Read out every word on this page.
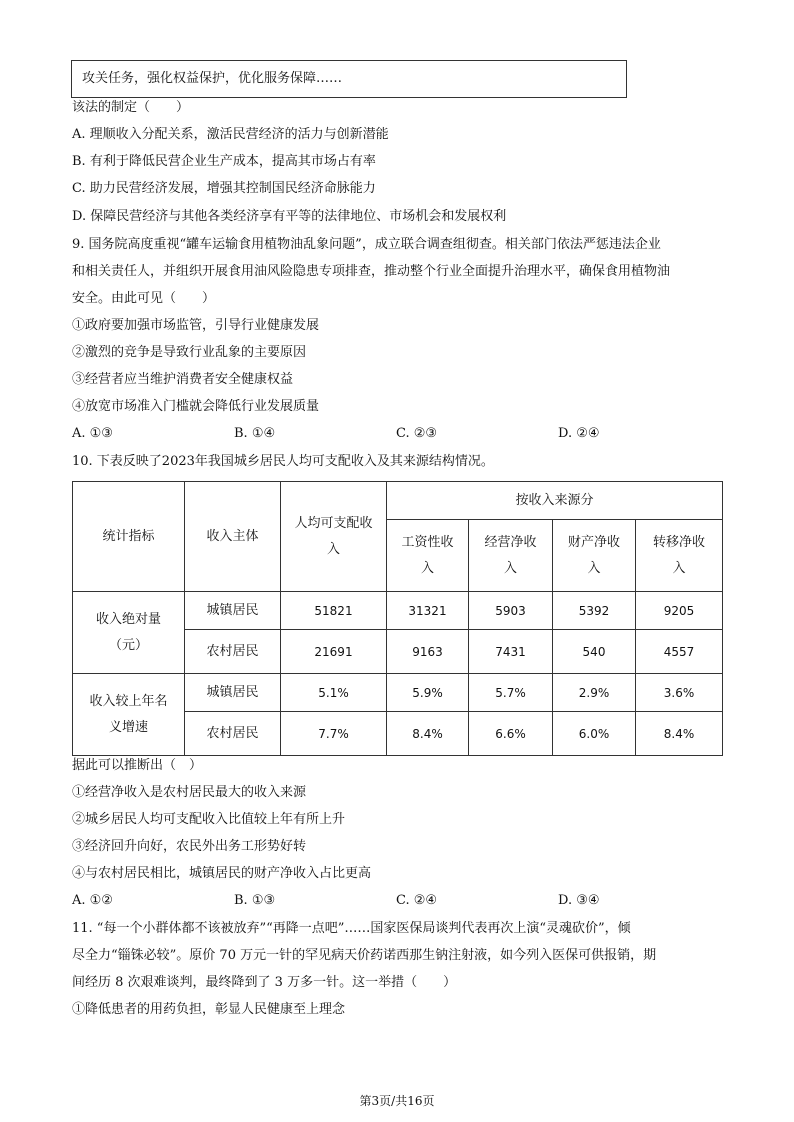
攻关任务，强化权益保护，优化服务保障……
该法的制定（　　）
A. 理顺收入分配关系，激活民营经济的活力与创新潜能
B. 有利于降低民营企业生产成本，提高其市场占有率
C. 助力民营经济发展，增强其控制国民经济命脉能力
D. 保障民营经济与其他各类经济享有平等的法律地位、市场机会和发展权利
9. 国务院高度重视“罐车运输食用植物油乱象问题”，成立联合调查组彻查。相关部门依法严惩违法企业
和相关责任人，并组织开展食用油风险隐患专项排查，推动整个行业全面提升治理水平，确保食用植物油
安全。由此可见（　　）
①政府要加强市场监管，引导行业健康发展
②激烈的竞争是导致行业乱象的主要原因
③经营者应当维护消费者安全健康权益
④放宽市场准入门槛就会降低行业发展质量
A. ①③	B. ①④	C. ②③	D. ②④
10. 下表反映了2023年我国城乡居民人均可支配收入及其来源结构情况。
统计指标	收入主体	人均可支配收入	按收入来源分			
			工资性收入	经营净收入	财产净收入	转移净收入
收入绝对量（元）	城镇居民	51821	31321	5903	5392	9205
	农村居民	21691	9163	7431	540	4557
收入较上年名义增速	城镇居民	5.1%	5.9%	5.7%	2.9%	3.6%
	农村居民	7.7%	8.4%	6.6%	6.0%	8.4%
据此可以推断出（　）
①经营净收入是农村居民最大的收入来源
②城乡居民人均可支配收入比值较上年有所上升
③经济回升向好，农民外出务工形势好转
④与农村居民相比，城镇居民的财产净收入占比更高
A. ①②	B. ①③	C. ②④	D. ③④
11. “每一个小群体都不该被放弃”“再降一点吧”……国家医保局谈判代表再次上演“灵魂砍价”，倾
尽全力“锱铢必较”。原价 70 万元一针的罕见病天价药诺西那生钠注射液，如今列入医保可供报销，期
间经历 8 次艰难谈判，最终降到了 3 万多一针。这一举措（　　）
①降低患者的用药负担，彰显人民健康至上理念
第3页/共16页
